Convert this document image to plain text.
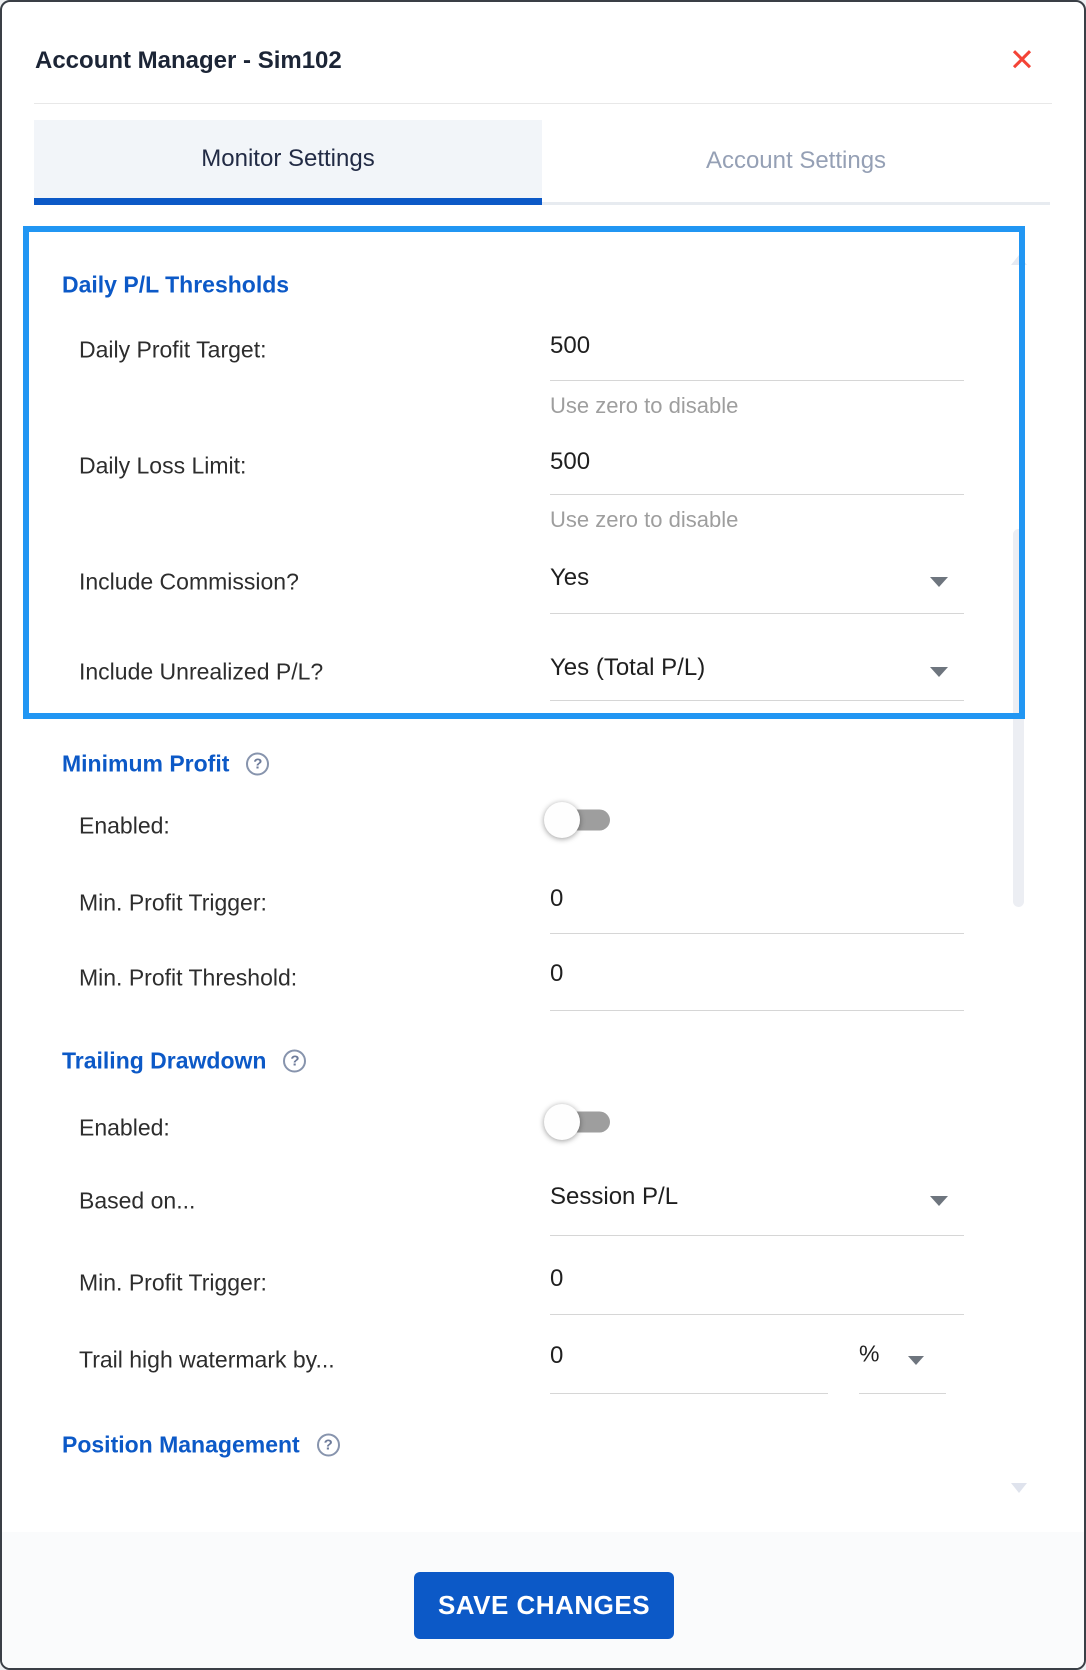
Account Manager - Sim102	✕
Monitor Settings	Account Settings
Daily P/L Thresholds
Daily Profit Target:	500
Use zero to disable
Daily Loss Limit:	500
Use zero to disable
Include Commission?	Yes
Include Unrealized P/L?	Yes (Total P/L)
Minimum Profit	?
Enabled:
Min. Profit Trigger:	0
Min. Profit Threshold:	0
Trailing Drawdown	?
Enabled:
Based on...	Session P/L
Min. Profit Trigger:	0
Trail high watermark by...	0	%
Position Management	?
SAVE CHANGES
